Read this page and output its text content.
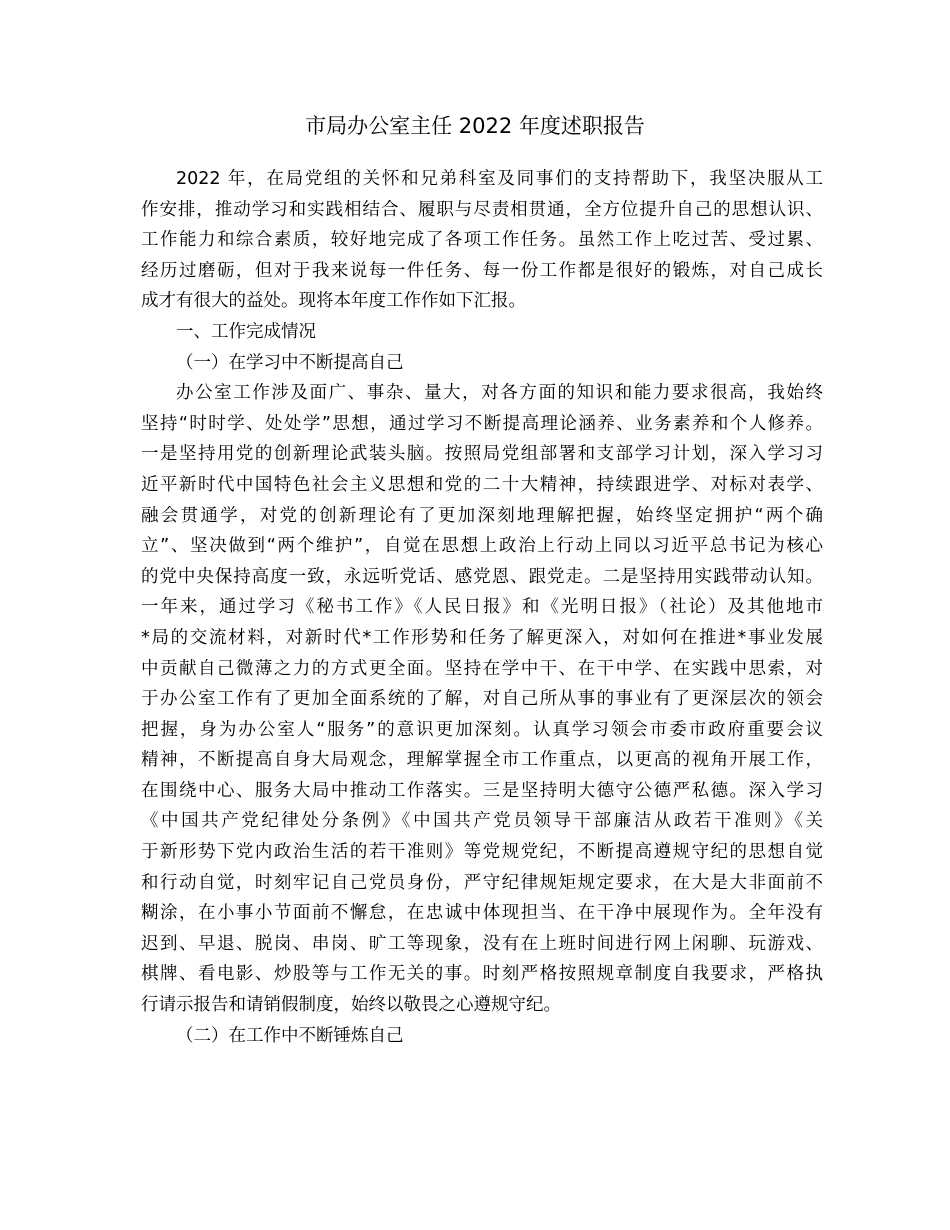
市局办公室主任 2022 年度述职报告
2022 年，在局党组的关怀和兄弟科室及同事们的支持帮助下，我坚决服从工
作安排，推动学习和实践相结合、履职与尽责相贯通，全方位提升自己的思想认识、
工作能力和综合素质，较好地完成了各项工作任务。虽然工作上吃过苦、受过累、
经历过磨砺，但对于我来说每一件任务、每一份工作都是很好的锻炼，对自己成长
成才有很大的益处。现将本年度工作作如下汇报。
一、工作完成情况
（一）在学习中不断提高自己
办公室工作涉及面广、事杂、量大，对各方面的知识和能力要求很高，我始终
坚持“时时学、处处学”思想，通过学习不断提高理论涵养、业务素养和个人修养。
一是坚持用党的创新理论武装头脑。按照局党组部署和支部学习计划，深入学习习
近平新时代中国特色社会主义思想和党的二十大精神，持续跟进学、对标对表学、
融会贯通学，对党的创新理论有了更加深刻地理解把握，始终坚定拥护“两个确
立”、坚决做到“两个维护”，自觉在思想上政治上行动上同以习近平总书记为核心
的党中央保持高度一致，永远听党话、感党恩、跟党走。二是坚持用实践带动认知。
一年来，通过学习《秘书工作》《人民日报》和《光明日报》（社论）及其他地市
*局的交流材料，对新时代*工作形势和任务了解更深入，对如何在推进*事业发展
中贡献自己微薄之力的方式更全面。坚持在学中干、在干中学、在实践中思索，对
于办公室工作有了更加全面系统的了解，对自己所从事的事业有了更深层次的领会
把握，身为办公室人“服务”的意识更加深刻。认真学习领会市委市政府重要会议
精神，不断提高自身大局观念，理解掌握全市工作重点，以更高的视角开展工作，
在围绕中心、服务大局中推动工作落实。三是坚持明大德守公德严私德。深入学习
《中国共产党纪律处分条例》《中国共产党员领导干部廉洁从政若干准则》《关
于新形势下党内政治生活的若干准则》等党规党纪，不断提高遵规守纪的思想自觉
和行动自觉，时刻牢记自己党员身份，严守纪律规矩规定要求，在大是大非面前不
糊涂，在小事小节面前不懈怠，在忠诚中体现担当、在干净中展现作为。全年没有
迟到、早退、脱岗、串岗、旷工等现象，没有在上班时间进行网上闲聊、玩游戏、
棋牌、看电影、炒股等与工作无关的事。时刻严格按照规章制度自我要求，严格执
行请示报告和请销假制度，始终以敬畏之心遵规守纪。
（二）在工作中不断锤炼自己
